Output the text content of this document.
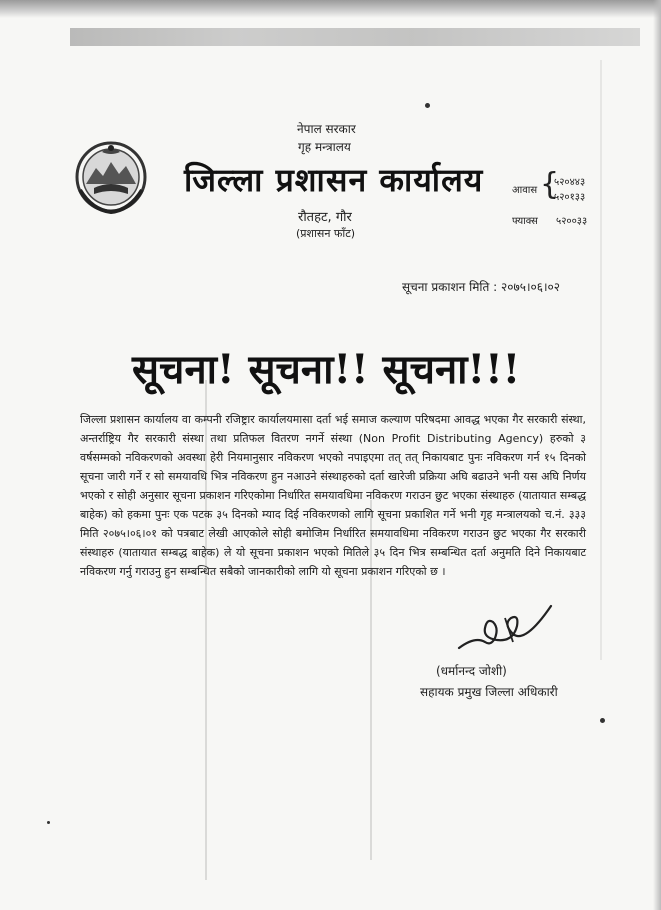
नेपाल सरकार
गृह मन्त्रालय
जिल्ला प्रशासन कार्यालय
रौतहट, गौर
(प्रशासन फाँट)
आवास {
५२०४४३
५२०१३३
फ्याक्स ५२००३३
सूचना प्रकाशन मिति : २०७५।०६।०२
सूचना! सूचना!! सूचना!!!
जिल्ला प्रशासन कार्यालय वा कम्पनी रजिष्ट्रार कार्यालयमासा दर्ता भई समाज कल्याण परिषदमा आवद्ध भएका गैर सरकारी संस्था, अन्तर्राष्ट्रिय गैर सरकारी संस्था तथा प्रतिफल वितरण नगर्ने संस्था (Non Profit Distributing Agency) हरुको ३ वर्षसम्मको नविकरणको अवस्था हेरी नियमानुसार नविकरण भएको नपाइएमा तत् तत् निकायबाट पुनः नविकरण गर्न १५ दिनको सूचना जारी गर्ने र सो समयावधि भित्र नविकरण हुन नआउने संस्थाहरुको दर्ता खारेजी प्रक्रिया अघि बढाउने भनी यस अघि निर्णय भएको र सोही अनुसार सूचना प्रकाशन गरिएकोमा निर्धारित समयावधिमा नविकरण गराउन छुट भएका संस्थाहरु (यातायात सम्बद्ध बाहेक) को हकमा पुनः एक पटक ३५ दिनको म्याद दिई नविकरणको लागि सूचना प्रकाशित गर्ने भनी गृह मन्त्रालयको च.नं. ३३३ मिति २०७५।०६।०१ को पत्रबाट लेखी आएकोले सोही बमोजिम निर्धारित समयावधिमा नविकरण गराउन छुट भएका गैर सरकारी संस्थाहरु (यातायात सम्बद्ध बाहेक) ले यो सूचना प्रकाशन भएको मितिले ३५ दिन भित्र सम्बन्धित दर्ता अनुमति दिने निकायबाट नविकरण गर्नु गराउनु हुन सम्बन्धित सबैको जानकारीको लागि यो सूचना प्रकाशन गरिएको छ ।
(धर्मानन्द जोशी)
सहायक प्रमुख जिल्ला अधिकारी
